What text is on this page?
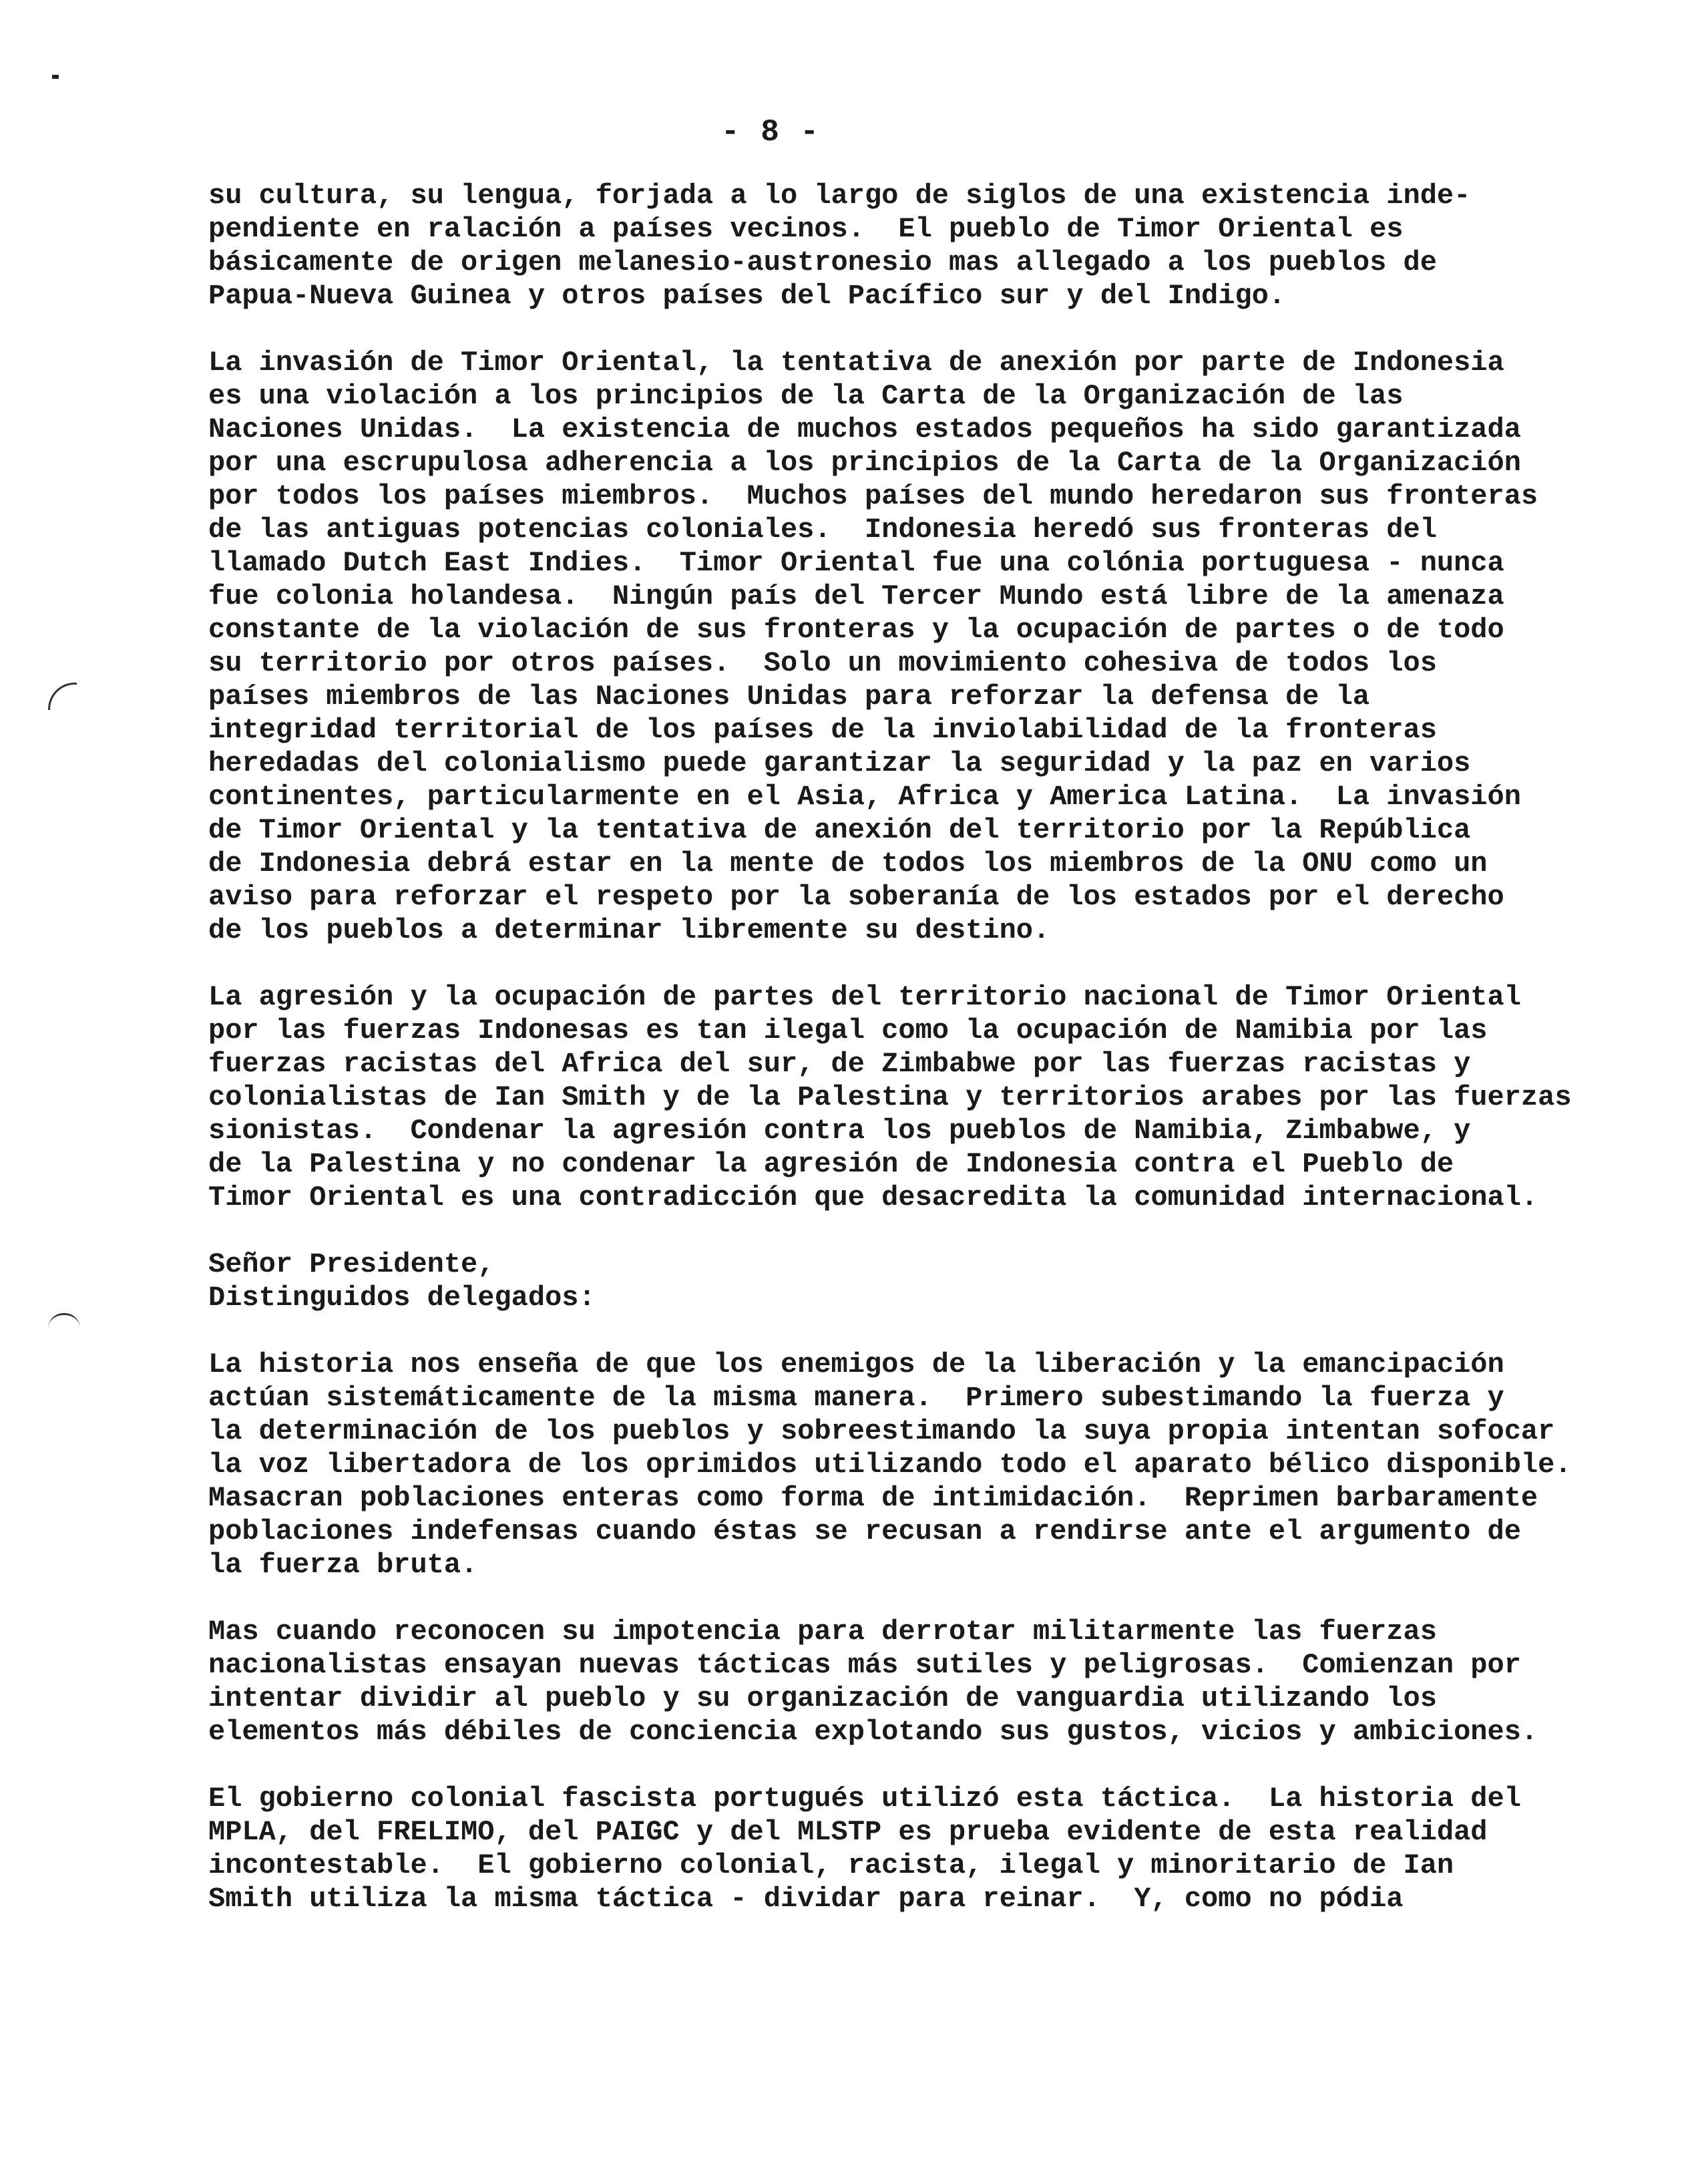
- 8 -
su cultura, su lengua, forjada a lo largo de siglos de una existencia inde-
pendiente en ralación a países vecinos.  El pueblo de Timor Oriental es
básicamente de origen melanesio-austronesio mas allegado a los pueblos de
Papua-Nueva Guinea y otros países del Pacífico sur y del Indigo.
La invasión de Timor Oriental, la tentativa de anexión por parte de Indonesia
es una violación a los principios de la Carta de la Organización de las
Naciones Unidas.  La existencia de muchos estados pequeños ha sido garantizada
por una escrupulosa adherencia a los principios de la Carta de la Organización
por todos los países miembros.  Muchos países del mundo heredaron sus fronteras
de las antiguas potencias coloniales.  Indonesia heredó sus fronteras del
llamado Dutch East Indies.  Timor Oriental fue una colónia portuguesa - nunca
fue colonia holandesa.  Ningún país del Tercer Mundo está libre de la amenaza
constante de la violación de sus fronteras y la ocupación de partes o de todo
su territorio por otros países.  Solo un movimiento cohesiva de todos los
países miembros de las Naciones Unidas para reforzar la defensa de la
integridad territorial de los países de la inviolabilidad de la fronteras
heredadas del colonialismo puede garantizar la seguridad y la paz en varios
continentes, particularmente en el Asia, Africa y America Latina.  La invasión
de Timor Oriental y la tentativa de anexión del territorio por la República
de Indonesia debrá estar en la mente de todos los miembros de la ONU como un
aviso para reforzar el respeto por la soberanía de los estados por el derecho
de los pueblos a determinar libremente su destino.
La agresión y la ocupación de partes del territorio nacional de Timor Oriental
por las fuerzas Indonesas es tan ilegal como la ocupación de Namibia por las
fuerzas racistas del Africa del sur, de Zimbabwe por las fuerzas racistas y
colonialistas de Ian Smith y de la Palestina y territorios arabes por las fuerzas
sionistas.  Condenar la agresión contra los pueblos de Namibia, Zimbabwe, y
de la Palestina y no condenar la agresión de Indonesia contra el Pueblo de
Timor Oriental es una contradicción que desacredita la comunidad internacional.
Señor Presidente,
Distinguidos delegados:
La historia nos enseña de que los enemigos de la liberación y la emancipación
actúan sistemáticamente de la misma manera.  Primero subestimando la fuerza y
la determinación de los pueblos y sobreestimando la suya propia intentan sofocar
la voz libertadora de los oprimidos utilizando todo el aparato bélico disponible.
Masacran poblaciones enteras como forma de intimidación.  Reprimen barbaramente
poblaciones indefensas cuando éstas se recusan a rendirse ante el argumento de
la fuerza bruta.
Mas cuando reconocen su impotencia para derrotar militarmente las fuerzas
nacionalistas ensayan nuevas tácticas más sutiles y peligrosas.  Comienzan por
intentar dividir al pueblo y su organización de vanguardia utilizando los
elementos más débiles de conciencia explotando sus gustos, vicios y ambiciones.
El gobierno colonial fascista portugués utilizó esta táctica.  La historia del
MPLA, del FRELIMO, del PAIGC y del MLSTP es prueba evidente de esta realidad
incontestable.  El gobierno colonial, racista, ilegal y minoritario de Ian
Smith utiliza la misma táctica - dividar para reinar.  Y, como no pódia
